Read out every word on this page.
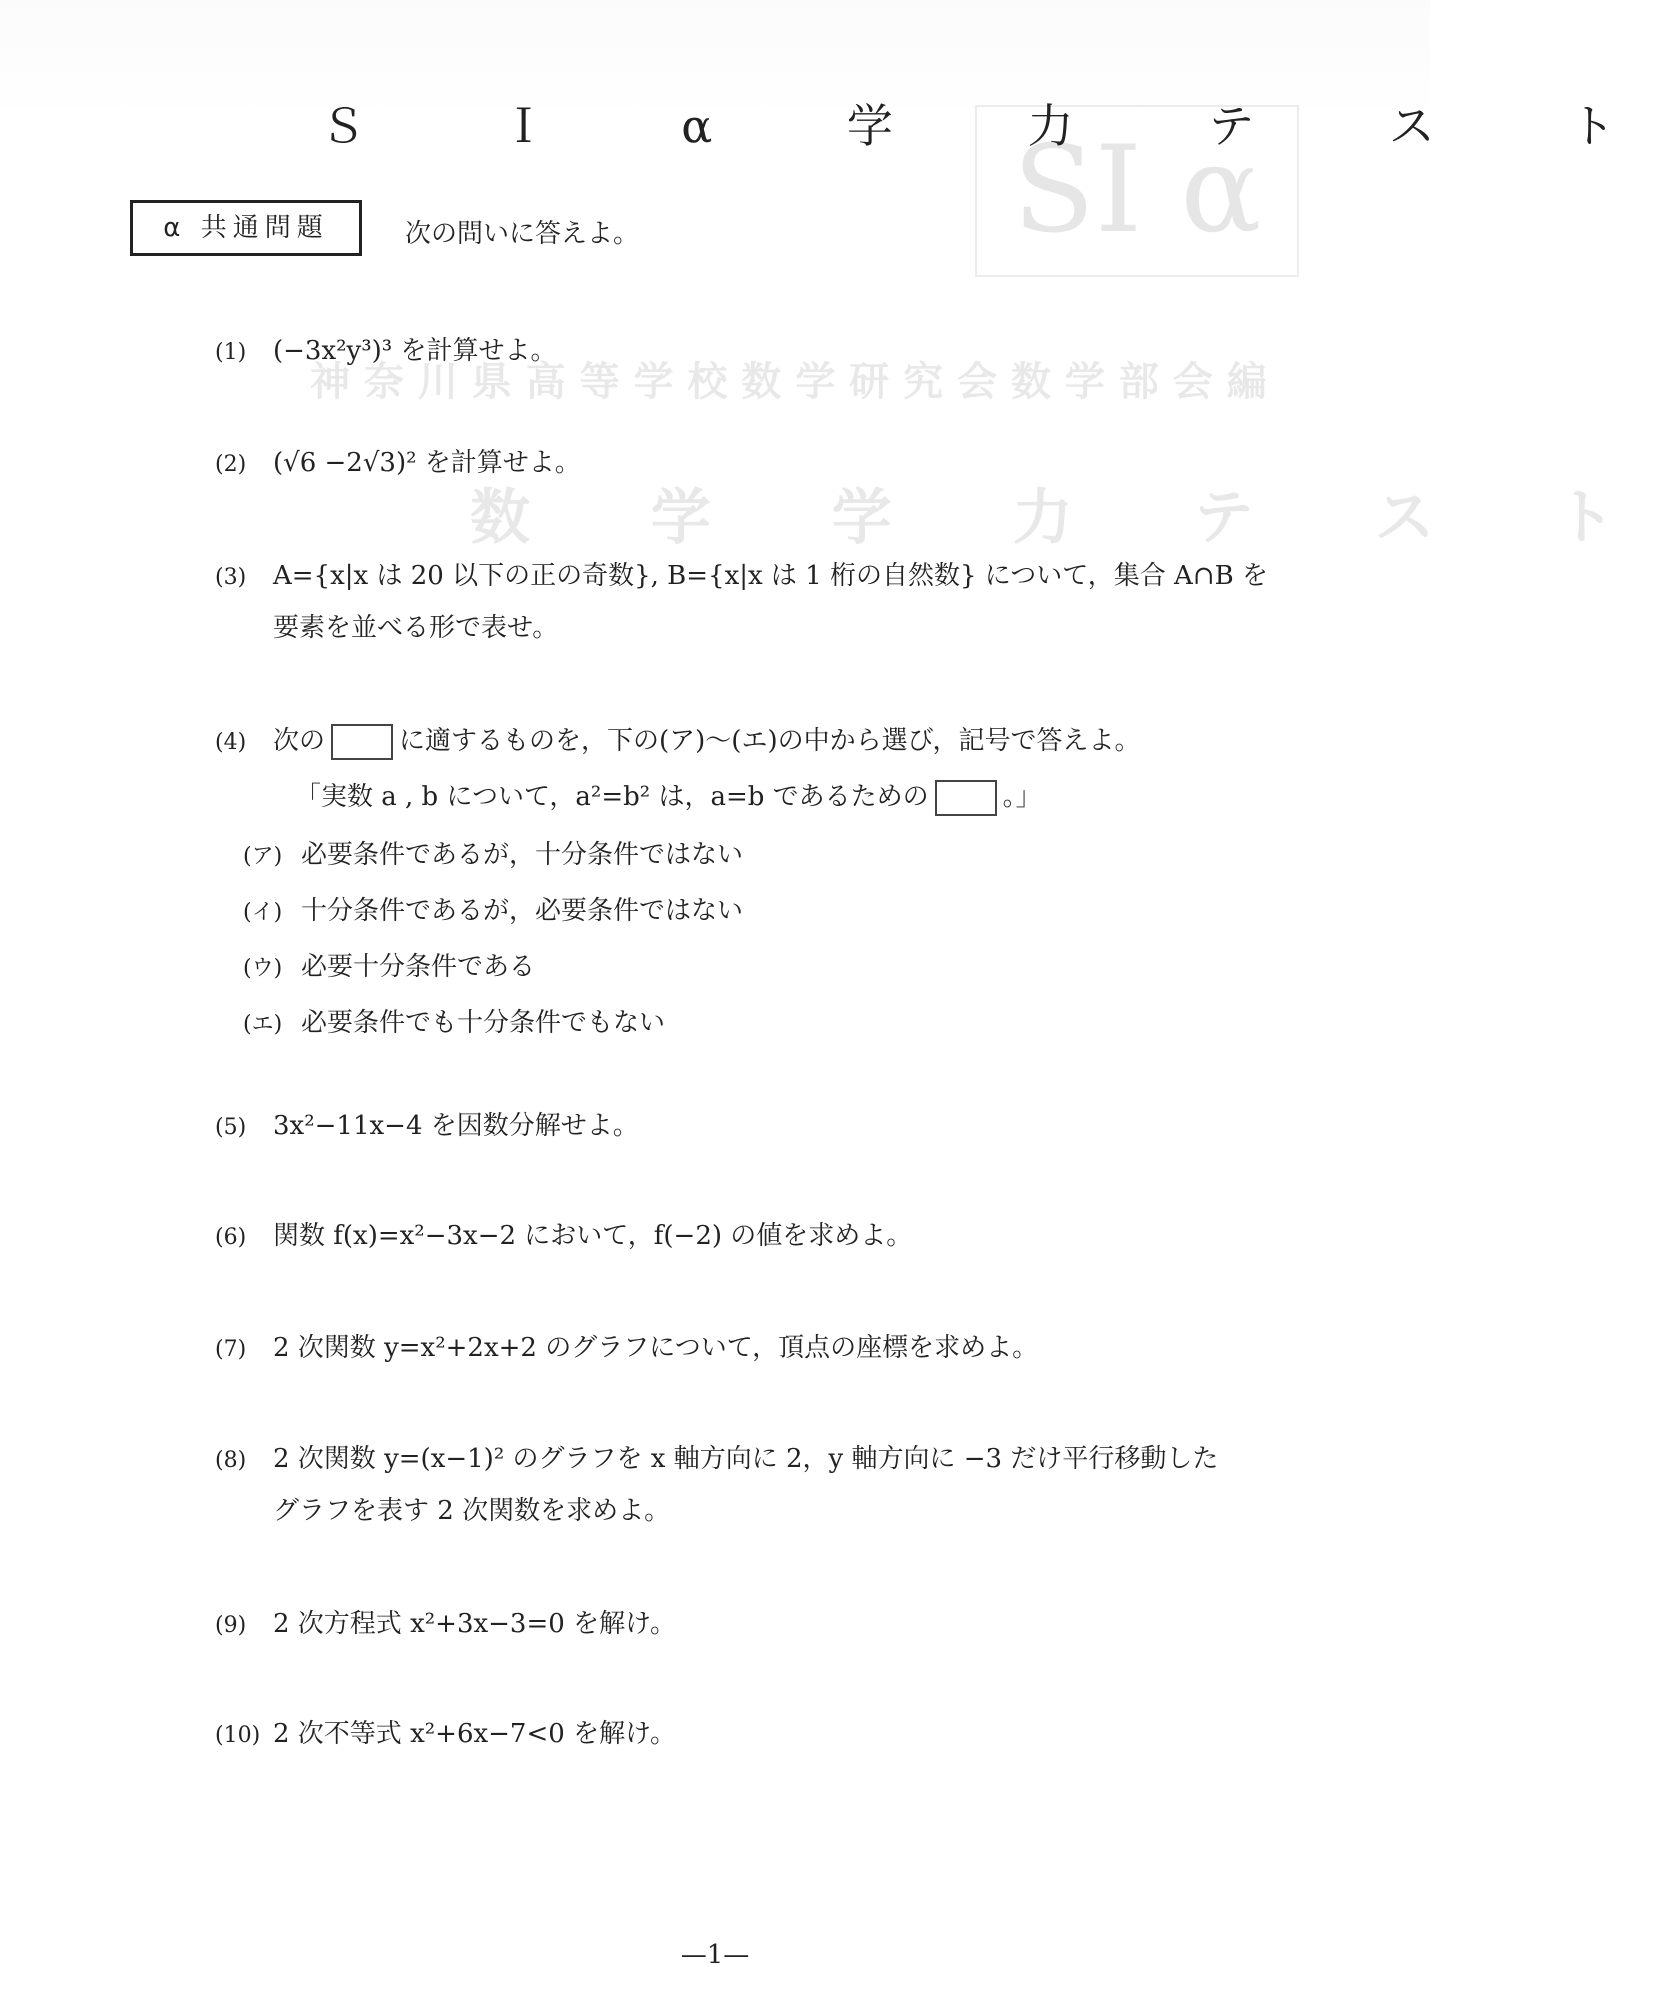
SI α
神 奈 川 県 高 等 学 校 数 学 研 究 会 数 学 部 会 編
数 学 学 力 テ ス ト
Ｓ Ｉ α 学 力 テ ス ト
α 共通問題	次の問いに答えよ。
(1) (−3x²y³)³ を計算せよ。
(2) (√6 −2√3)² を計算せよ。
(3) A={x|x は 20 以下の正の奇数}, B={x|x は 1 桁の自然数} について，集合 A∩B を
要素を並べる形で表せ。
(4) 次の	に適するものを，下の(ア)〜(エ)の中から選び，記号で答えよ。
「実数 a , b について，a²=b² は，a=b であるための	。」
(ア) 必要条件であるが，十分条件ではない
(イ) 十分条件であるが，必要条件ではない
(ウ) 必要十分条件である
(エ) 必要条件でも十分条件でもない
(5) 3x²−11x−4 を因数分解せよ。
(6) 関数 f(x)=x²−3x−2 において，f(−2) の値を求めよ。
(7) 2 次関数 y=x²+2x+2 のグラフについて，頂点の座標を求めよ。
(8) 2 次関数 y=(x−1)² のグラフを x 軸方向に 2，y 軸方向に −3 だけ平行移動した
グラフを表す 2 次関数を求めよ。
(9) 2 次方程式 x²+3x−3=0 を解け。
(10) 2 次不等式 x²+6x−7<0 を解け。
—1—
